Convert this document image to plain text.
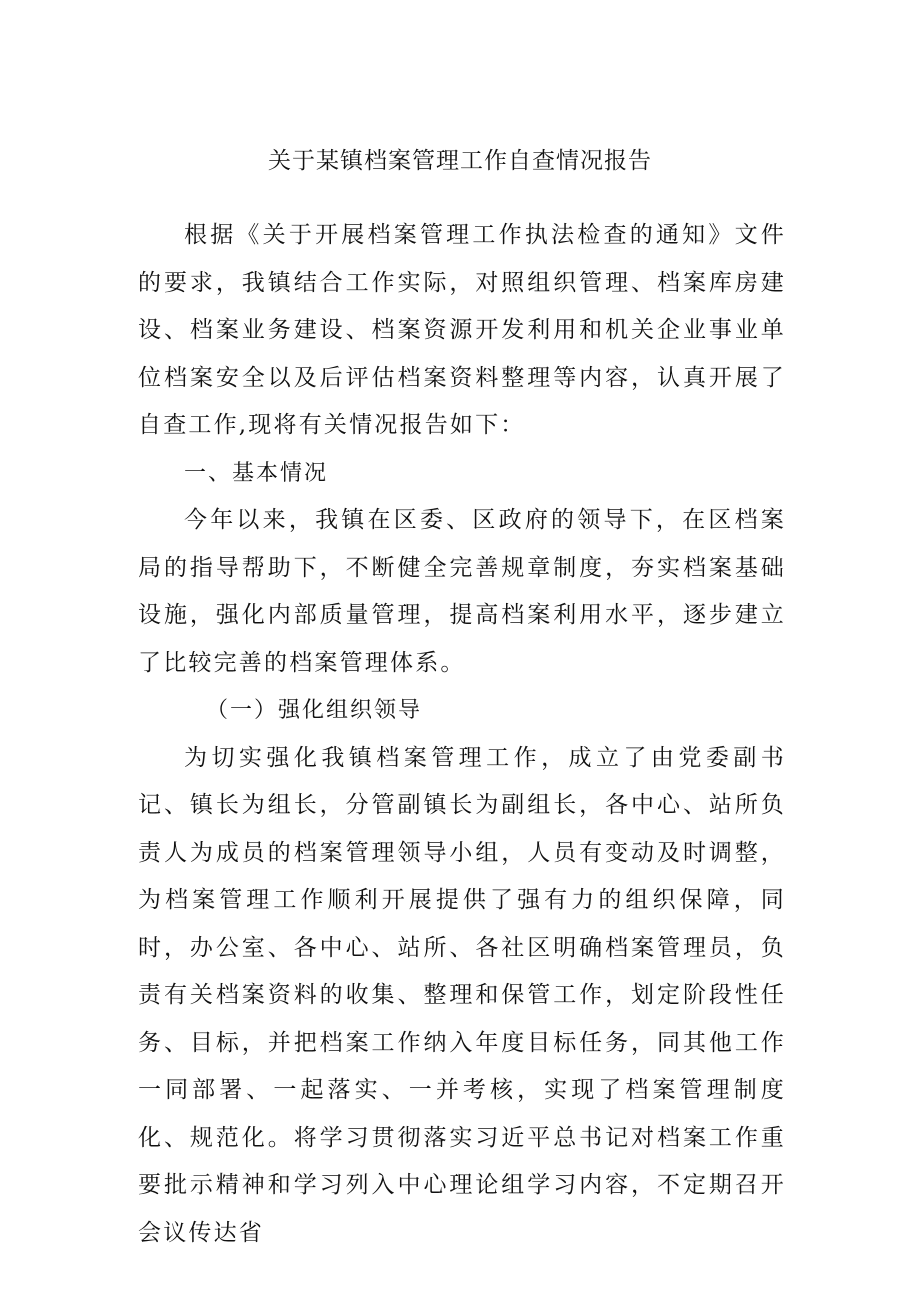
关于某镇档案管理工作自查情况报告

根据《关于开展档案管理工作执法检查的通知》文件的要求，我镇结合工作实际，对照组织管理、档案库房建设、档案业务建设、档案资源开发利用和机关企业事业单位档案安全以及后评估档案资料整理等内容，认真开展了自查工作,现将有关情况报告如下：

一、基本情况

今年以来，我镇在区委、区政府的领导下，在区档案局的指导帮助下，不断健全完善规章制度，夯实档案基础设施，强化内部质量管理，提高档案利用水平，逐步建立了比较完善的档案管理体系。

（一）强化组织领导

为切实强化我镇档案管理工作，成立了由党委副书记、镇长为组长，分管副镇长为副组长，各中心、站所负责人为成员的档案管理领导小组，人员有变动及时调整，为档案管理工作顺利开展提供了强有力的组织保障，同时，办公室、各中心、站所、各社区明确档案管理员，负责有关档案资料的收集、整理和保管工作，划定阶段性任务、目标，并把档案工作纳入年度目标任务，同其他工作一同部署、一起落实、一并考核，实现了档案管理制度化、规范化。将学习贯彻落实习近平总书记对档案工作重要批示精神和学习列入中心理论组学习内容，不定期召开会议传达省
